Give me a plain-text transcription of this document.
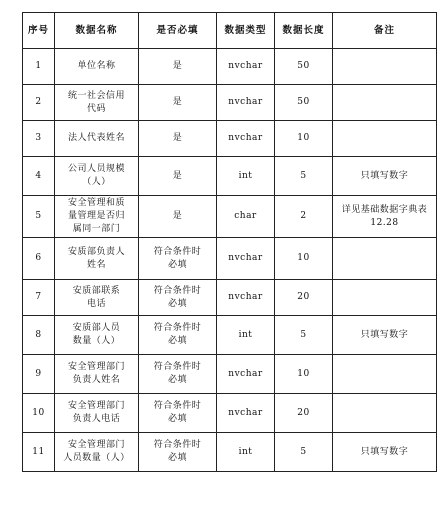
序号	数据名称	是否必填	数据类型	数据长度	备注

1	单位名称	是	nvchar	50	

2	统一社会信用
代码	是	nvchar	50	

3	法人代表姓名	是	nvchar	10	

4	公司人员规模
（人）	是	int	5	只填写数字

5	安全管理和质
量管理是否归
属同一部门	是	char	2	详见基础数据字典表
12.28

6	安质部负责人
姓名	符合条件时
必填	nvchar	10	

7	安质部联系
电话	符合条件时
必填	nvchar	20	

8	安质部人员
数量（人）	符合条件时
必填	int	5	只填写数字

9	安全管理部门
负责人姓名	符合条件时
必填	nvchar	10	

10	安全管理部门
负责人电话	符合条件时
必填	nvchar	20	

11	安全管理部门
人员数量（人）	符合条件时
必填	int	5	只填写数字
